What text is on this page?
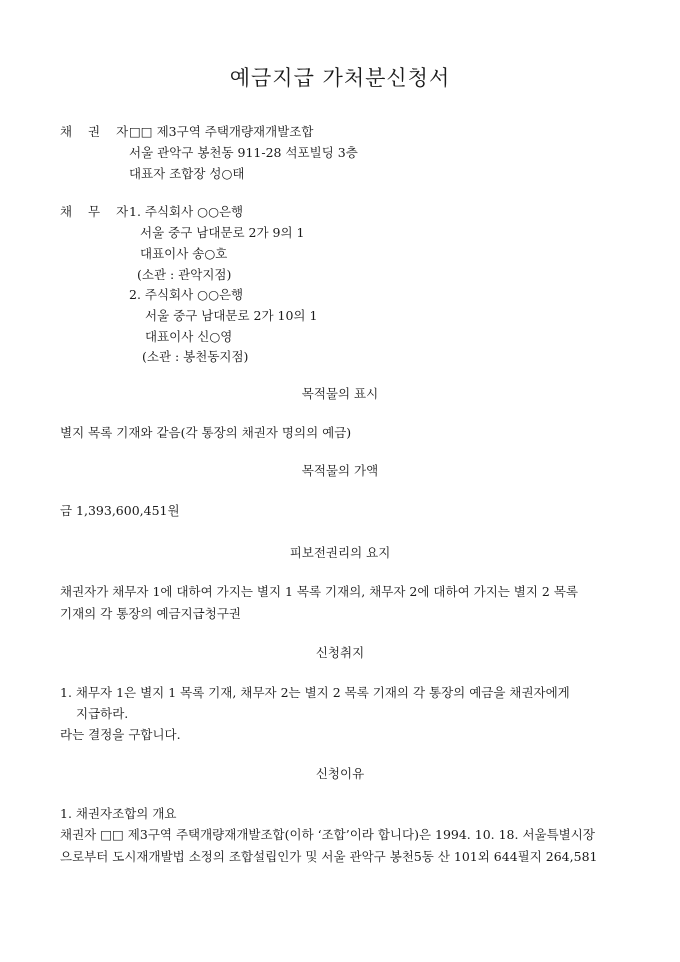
예금지급 가처분신청서
채 권 자
□□ 제3구역 주택개량재개발조합
서울 관악구 봉천동 911-28 석포빌딩 3층
대표자 조합장 성○태
채 무 자
1. 주식회사 ○○은행
서울 중구 남대문로 2가 9의 1
대표이사 송○호
(소관 : 관악지점)
2. 주식회사 ○○은행
서울 중구 남대문로 2가 10의 1
대표이사 신○영
(소관 : 봉천동지점)
목적물의 표시
별지 목록 기재와 같음(각 통장의 채권자 명의의 예금)
목적물의 가액
금 1,393,600,451원
피보전권리의 요지
채권자가 채무자 1에 대하여 가지는 별지 1 목록 기재의, 채무자 2에 대하여 가지는 별지 2 목록
기재의 각 통장의 예금지급청구권
신청취지
1. 채무자 1은 별지 1 목록 기재, 채무자 2는 별지 2 목록 기재의 각 통장의 예금을 채권자에게
지급하라.
라는 결정을 구합니다.
신청이유
1. 채권자조합의 개요
채권자 □□ 제3구역 주택개량재개발조합(이하 ‘조합’이라 합니다)은 1994. 10. 18. 서울특별시장
으로부터 도시재개발법 소정의 조합설립인가 및 서울 관악구 봉천5동 산 101외 644필지 264,581
